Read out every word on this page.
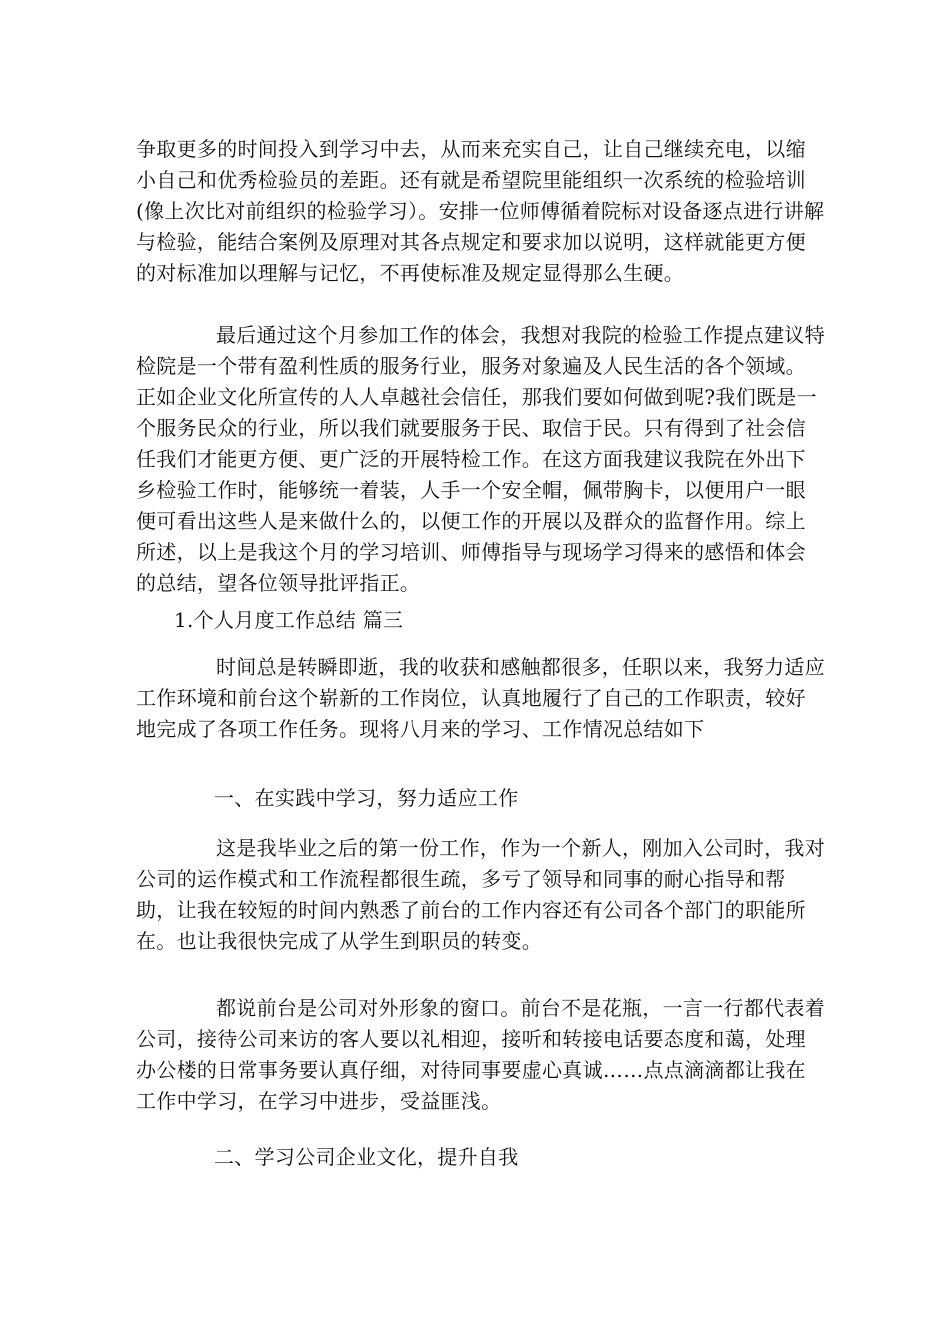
争取更多的时间投入到学习中去，从而来充实自己，让自己继续充电，以缩小自己和优秀检验员的差距。还有就是希望院里能组织一次系统的检验培训(像上次比对前组织的检验学习）。安排一位师傅循着院标对设备逐点进行讲解与检验，能结合案例及原理对其各点规定和要求加以说明，这样就能更方便的对标准加以理解与记忆，不再使标准及规定显得那么生硬。

最后通过这个月参加工作的体会，我想对我院的检验工作提点建议特检院是一个带有盈利性质的服务行业，服务对象遍及人民生活的各个领域。正如企业文化所宣传的人人卓越社会信任，那我们要如何做到呢?我们既是一个服务民众的行业，所以我们就要服务于民、取信于民。只有得到了社会信任我们才能更方便、更广泛的开展特检工作。在这方面我建议我院在外出下乡检验工作时，能够统一着装，人手一个安全帽，佩带胸卡，以便用户一眼便可看出这些人是来做什么的，以便工作的开展以及群众的监督作用。综上所述，以上是我这个月的学习培训、师傅指导与现场学习得来的感悟和体会的总结，望各位领导批评指正。

1.个人月度工作总结 篇三

时间总是转瞬即逝，我的收获和感触都很多，任职以来，我努力适应工作环境和前台这个崭新的工作岗位，认真地履行了自己的工作职责，较好地完成了各项工作任务。现将八月来的学习、工作情况总结如下

一、在实践中学习，努力适应工作

这是我毕业之后的第一份工作，作为一个新人，刚加入公司时，我对公司的运作模式和工作流程都很生疏，多亏了领导和同事的耐心指导和帮助，让我在较短的时间内熟悉了前台的工作内容还有公司各个部门的职能所在。也让我很快完成了从学生到职员的转变。

都说前台是公司对外形象的窗口。前台不是花瓶，一言一行都代表着公司，接待公司来访的客人要以礼相迎，接听和转接电话要态度和蔼，处理办公楼的日常事务要认真仔细，对待同事要虚心真诚……点点滴滴都让我在工作中学习，在学习中进步，受益匪浅。

二、学习公司企业文化，提升自我
